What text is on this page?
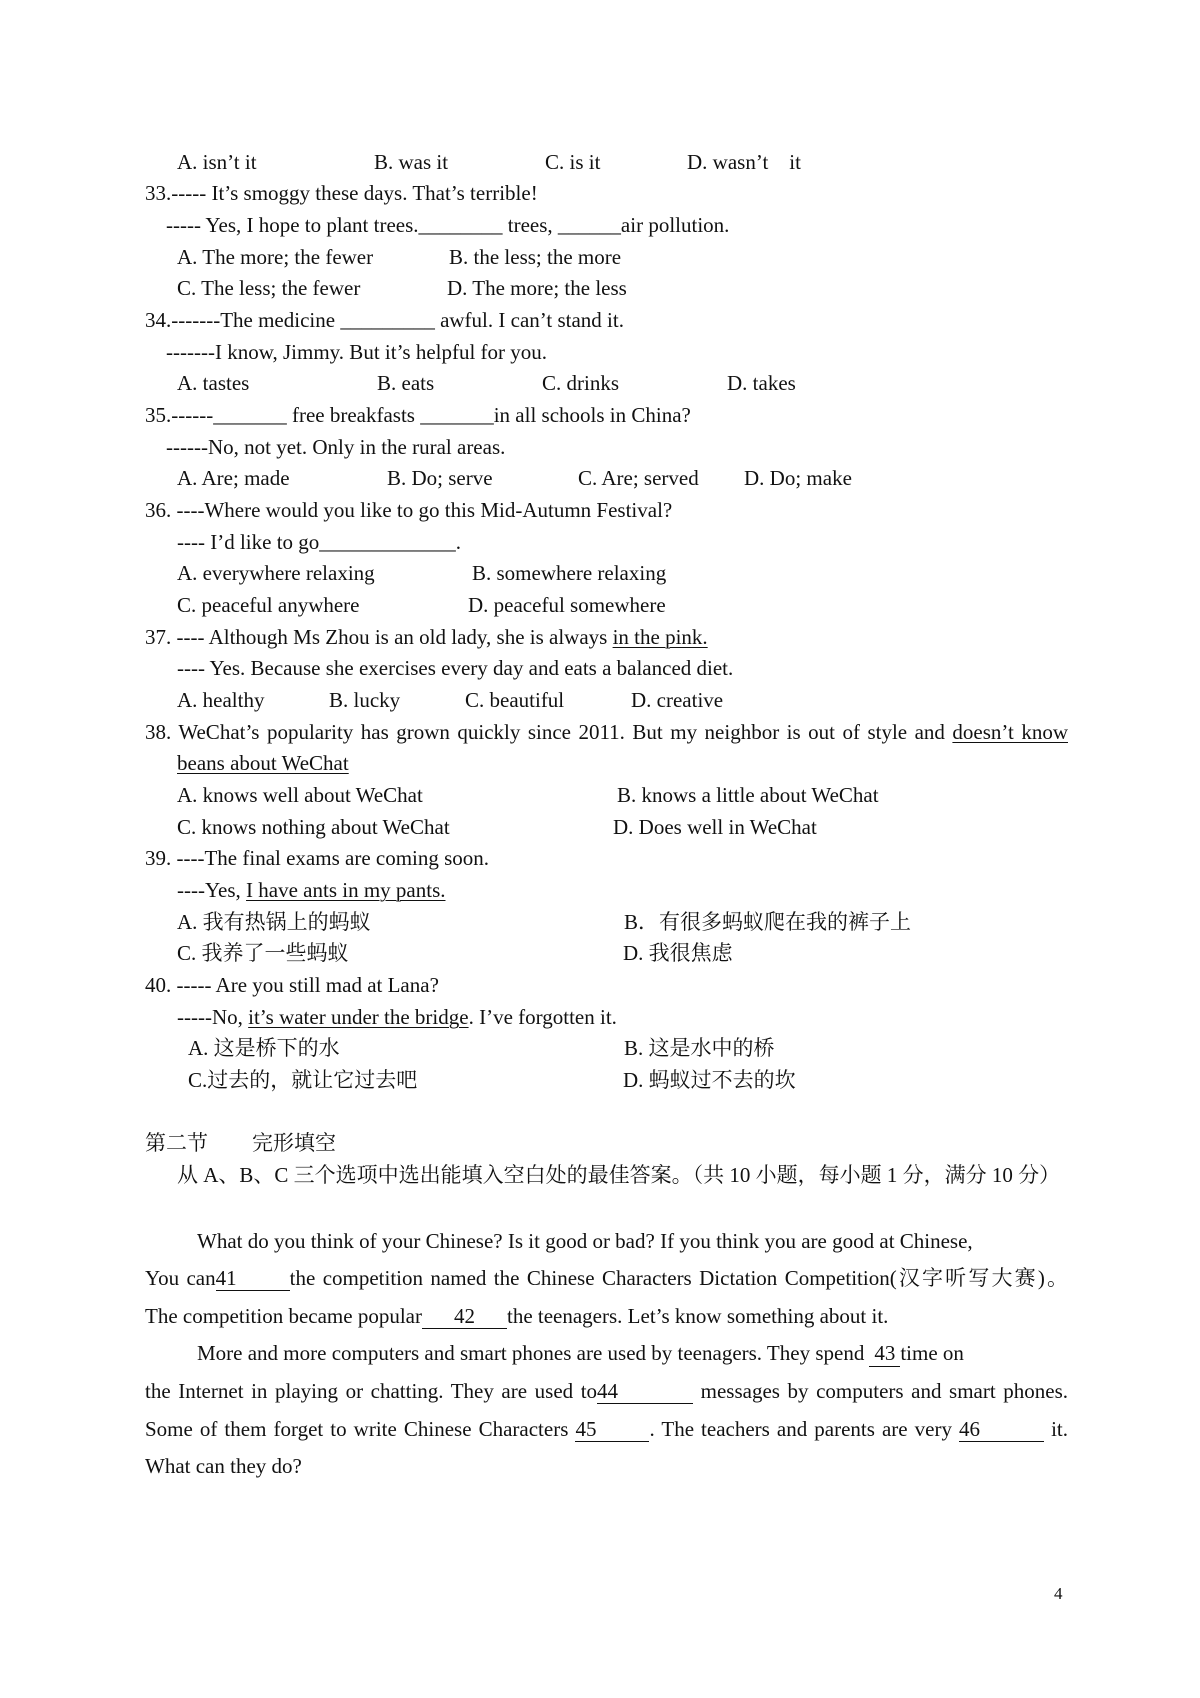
A. isn’t it	B. was it	C. is it	D. wasn’t    it
33.----- It’s smoggy these days. That’s terrible!
----- Yes, I hope to plant trees.________ trees, ______air pollution.
A. The more; the fewer	B. the less; the more
C. The less; the fewer	D. The more; the less
34.-------The medicine _________ awful. I can’t stand it.
-------I know, Jimmy. But it’s helpful for you.
A. tastes	B. eats	C. drinks	D. takes
35.------_______ free breakfasts _______in all schools in China?
------No, not yet. Only in the rural areas.
A. Are; made	B. Do; serve	C. Are; served D. Do; make
36. ----Where would you like to go this Mid-Autumn Festival?
---- I’d like to go_____________.
A. everywhere relaxing	B. somewhere relaxing
C. peaceful anywhere	D. peaceful somewhere
37. ---- Although Ms Zhou is an old lady, she is always in the pink.
---- Yes. Because she exercises every day and eats a balanced diet.
A. healthy	B. lucky	C. beautiful	D. creative
38. WeChat’s popularity has grown quickly since 2011. But my neighbor is out of style and doesn’t know
beans about WeChat
A. knows well about WeChat	B. knows a little about WeChat
C. knows nothing about WeChat	D. Does well in WeChat
39. ----The final exams are coming soon.
----Yes, I have ants in my pants.
A. 我有热锅上的蚂蚁	B．有很多蚂蚁爬在我的裤子上
C. 我养了一些蚂蚁	D. 我很焦虑
40. ----- Are you still mad at Lana?
-----No, it’s water under the bridge. I’ve forgotten it.
A. 这是桥下的水	B. 这是水中的桥
C.过去的，就让它过去吧	D. 蚂蚁过不去的坎
第二节 完形填空
从 A、B、C 三个选项中选出能填入空白处的最佳答案。（共 10 小题，每小题 1 分，满分 10 分）
What do you think of your Chinese? Is it good or bad? If you think you are good at Chinese,
You can41	the competition named the Chinese Characters Dictation Competition(汉字听写大赛)。
The competition became popular 42 the teenagers. Let’s know something about it.
More and more computers and smart phones are used by teenagers. They spend 43 time on
the Internet in playing or chatting. They are used to44	messages by computers and smart phones.
Some of them forget to write Chinese Characters 45	. The teachers and parents are very 46	it.
What can they do?
4
